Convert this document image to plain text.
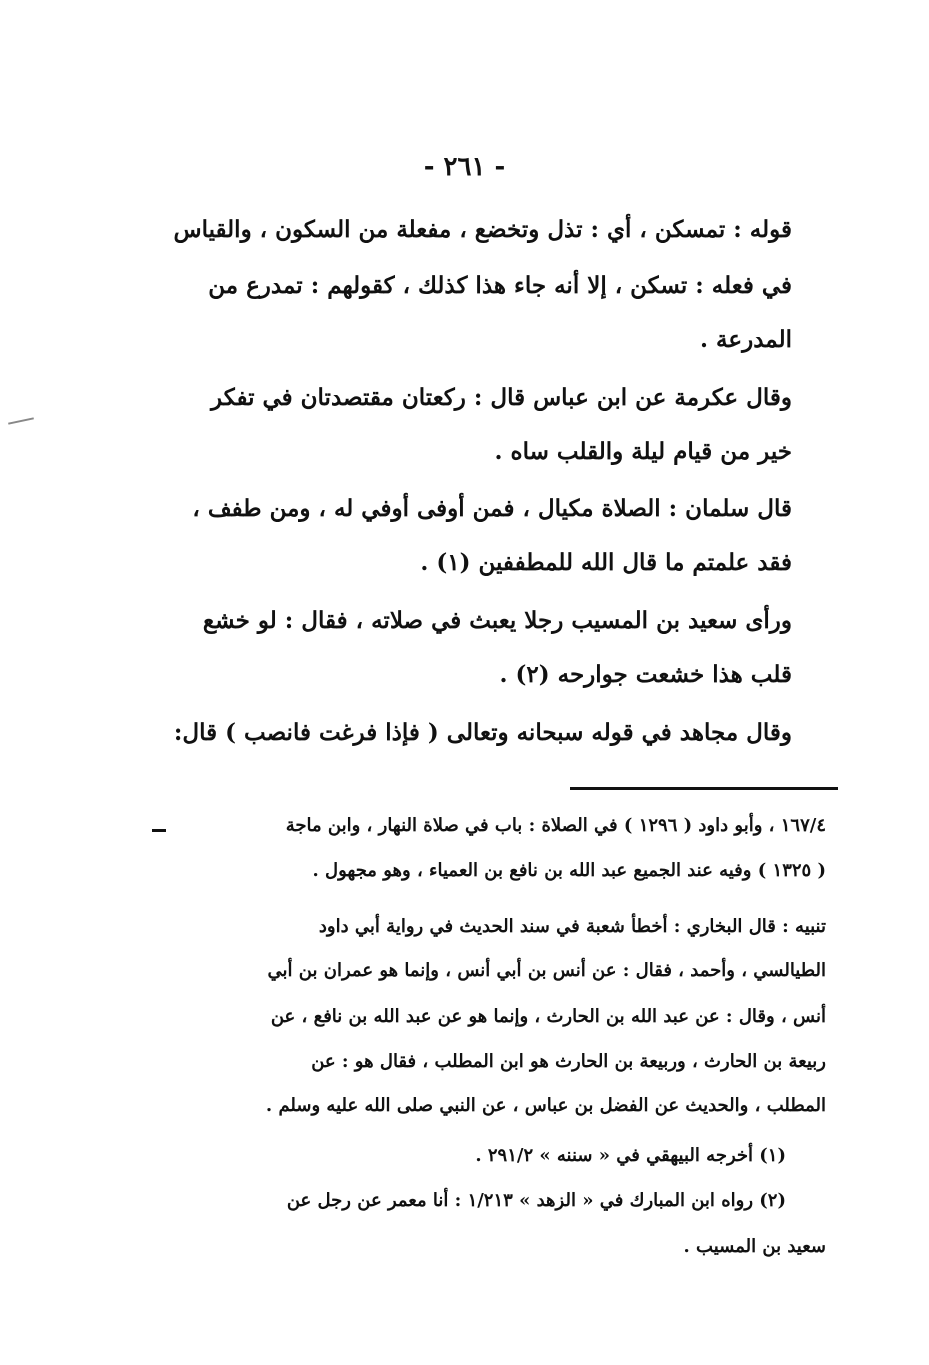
- ٢٦١ -
قوله : تمسكن ، أي : تذل وتخضع ، مفعلة من السكون ، والقياس
في فعله : تسكن ، إلا أنه جاء هذا كذلك ، كقولهم : تمدرع من
المدرعة .
وقال عكرمة عن ابن عباس قال : ركعتان مقتصدتان في تفكر
خير من قيام ليلة والقلب ساه .
قال سلمان : الصلاة مكيال ، فمن أوفى أوفي له ، ومن طفف ،
فقد علمتم ما قال الله للمطففين (١) .
ورأى سعيد بن المسيب رجلا يعبث في صلاته ، فقال : لو خشع
قلب هذا خشعت جوارحه (٢) .
وقال مجاهد في قوله سبحانه وتعالى ( فإذا فرغت فانصب ) قال:
١٦٧/٤ ، وأبو داود ( ١٢٩٦ ) في الصلاة : باب في صلاة النهار ، وابن ماجة
( ١٣٢٥ ) وفيه عند الجميع عبد الله بن نافع بن العمياء ، وهو مجهول .
تنبيه : قال البخاري : أخطأ شعبة في سند الحديث في رواية أبي داود
الطيالسي ، وأحمد ، فقال : عن أنس بن أبي أنس ، وإنما هو عمران بن أبي
أنس ، وقال : عن عبد الله بن الحارث ، وإنما هو عن عبد الله بن نافع ، عن
ربيعة بن الحارث ، وربيعة بن الحارث هو ابن المطلب ، فقال هو : عن
المطلب ، والحديث عن الفضل بن عباس ، عن النبي صلى الله عليه وسلم .
(١) أخرجه البيهقي في « سننه » ٢٩١/٢ .
(٢) رواه ابن المبارك في « الزهد » ١/٢١٣ : أنا معمر عن رجل عن
سعيد بن المسيب .
